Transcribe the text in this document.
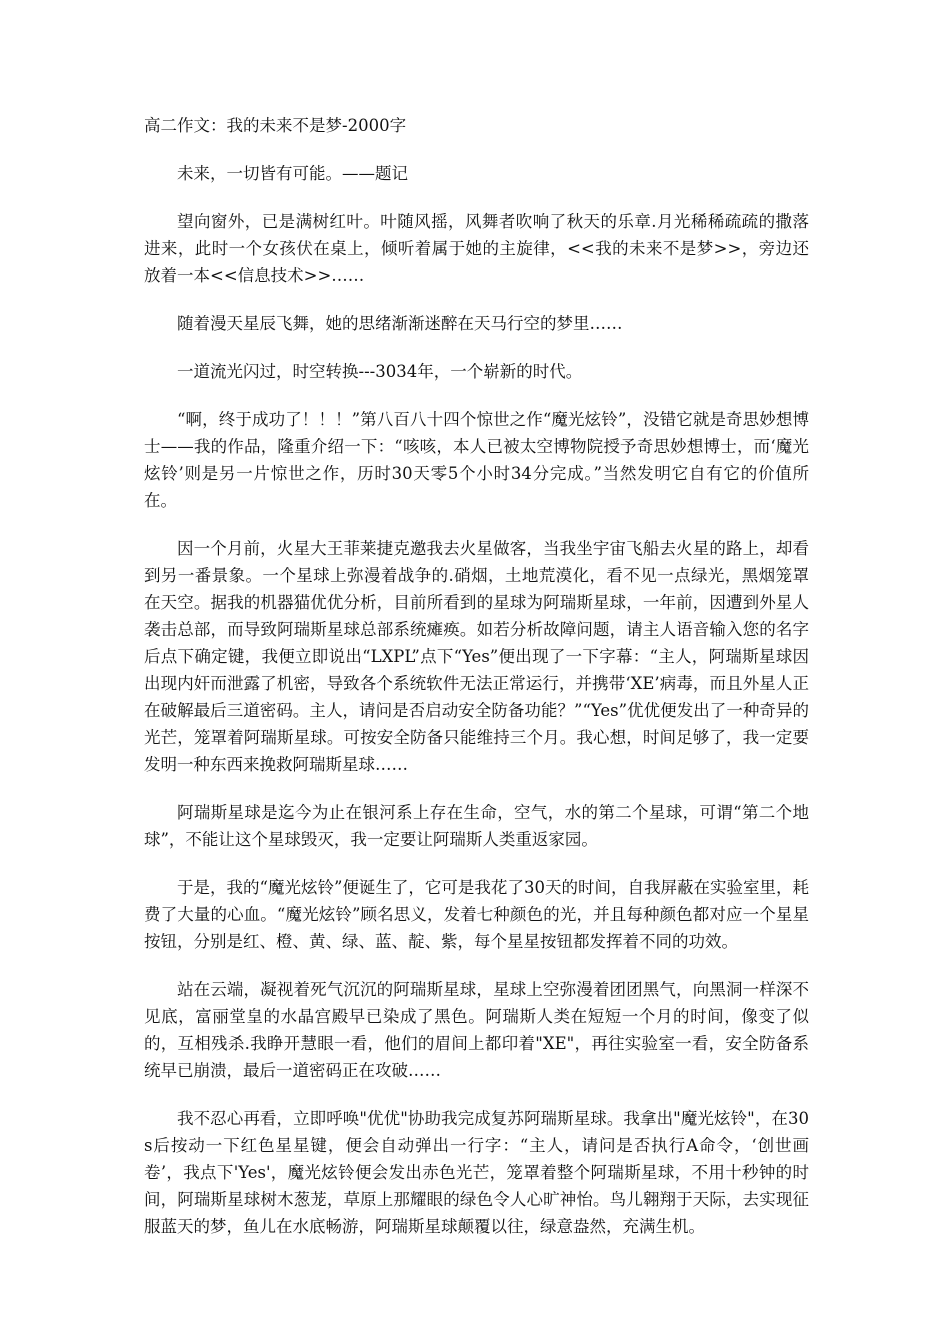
高二作文：我的未来不是梦-2000字

未来，一切皆有可能。——题记

望向窗外，已是满树红叶。叶随风摇，风舞者吹响了秋天的乐章.月光稀稀疏疏的撒落进来，此时一个女孩伏在桌上，倾听着属于她的主旋律，<<我的未来不是梦>>，旁边还放着一本<<信息技术>>……

随着漫天星辰飞舞，她的思绪渐渐迷醉在天马行空的梦里……

一道流光闪过，时空转换---3034年，一个崭新的时代。

“啊，终于成功了！！！”第八百八十四个惊世之作“魔光炫铃”，没错它就是奇思妙想博士——我的作品，隆重介绍一下：“咳咳，本人已被太空博物院授予奇思妙想博士，而‘魔光炫铃’则是另一片惊世之作，历时30天零5个小时34分完成。”当然发明它自有它的价值所在。

因一个月前，火星大王菲莱捷克邀我去火星做客，当我坐宇宙飞船去火星的路上，却看到另一番景象。一个星球上弥漫着战争的.硝烟，土地荒漠化，看不见一点绿光，黑烟笼罩在天空。据我的机器猫优优分析，目前所看到的星球为阿瑞斯星球，一年前，因遭到外星人袭击总部，而导致阿瑞斯星球总部系统瘫痪。如若分析故障问题，请主人语音输入您的名字后点下确定键，我便立即说出“LXPL”点下“Yes”便出现了一下字幕：“主人，阿瑞斯星球因出现内奸而泄露了机密，导致各个系统软件无法正常运行，并携带‘XE’病毒，而且外星人正在破解最后三道密码。主人，请问是否启动安全防备功能？”“Yes”优优便发出了一种奇异的光芒，笼罩着阿瑞斯星球。可按安全防备只能维持三个月。我心想，时间足够了，我一定要发明一种东西来挽救阿瑞斯星球……

阿瑞斯星球是迄今为止在银河系上存在生命，空气，水的第二个星球，可谓“第二个地球”，不能让这个星球毁灭，我一定要让阿瑞斯人类重返家园。

于是，我的“魔光炫铃”便诞生了，它可是我花了30天的时间，自我屏蔽在实验室里，耗费了大量的心血。“魔光炫铃”顾名思义，发着七种颜色的光，并且每种颜色都对应一个星星按钮，分别是红、橙、黄、绿、蓝、靛、紫，每个星星按钮都发挥着不同的功效。

站在云端，凝视着死气沉沉的阿瑞斯星球，星球上空弥漫着团团黑气，向黑洞一样深不见底，富丽堂皇的水晶宫殿早已染成了黑色。阿瑞斯人类在短短一个月的时间，像变了似的，互相残杀.我睁开慧眼一看，他们的眉间上都印着"XE"，再往实验室一看，安全防备系统早已崩溃，最后一道密码正在攻破……

我不忍心再看，立即呼唤"优优"协助我完成复苏阿瑞斯星球。我拿出"魔光炫铃"，在30s后按动一下红色星星键，便会自动弹出一行字：“主人，请问是否执行A命令，‘创世画卷’，我点下'Yes'，魔光炫铃便会发出赤色光芒，笼罩着整个阿瑞斯星球，不用十秒钟的时间，阿瑞斯星球树木葱茏，草原上那耀眼的绿色令人心旷神怡。鸟儿翱翔于天际，去实现征服蓝天的梦，鱼儿在水底畅游，阿瑞斯星球颠覆以往，绿意盎然，充满生机。
